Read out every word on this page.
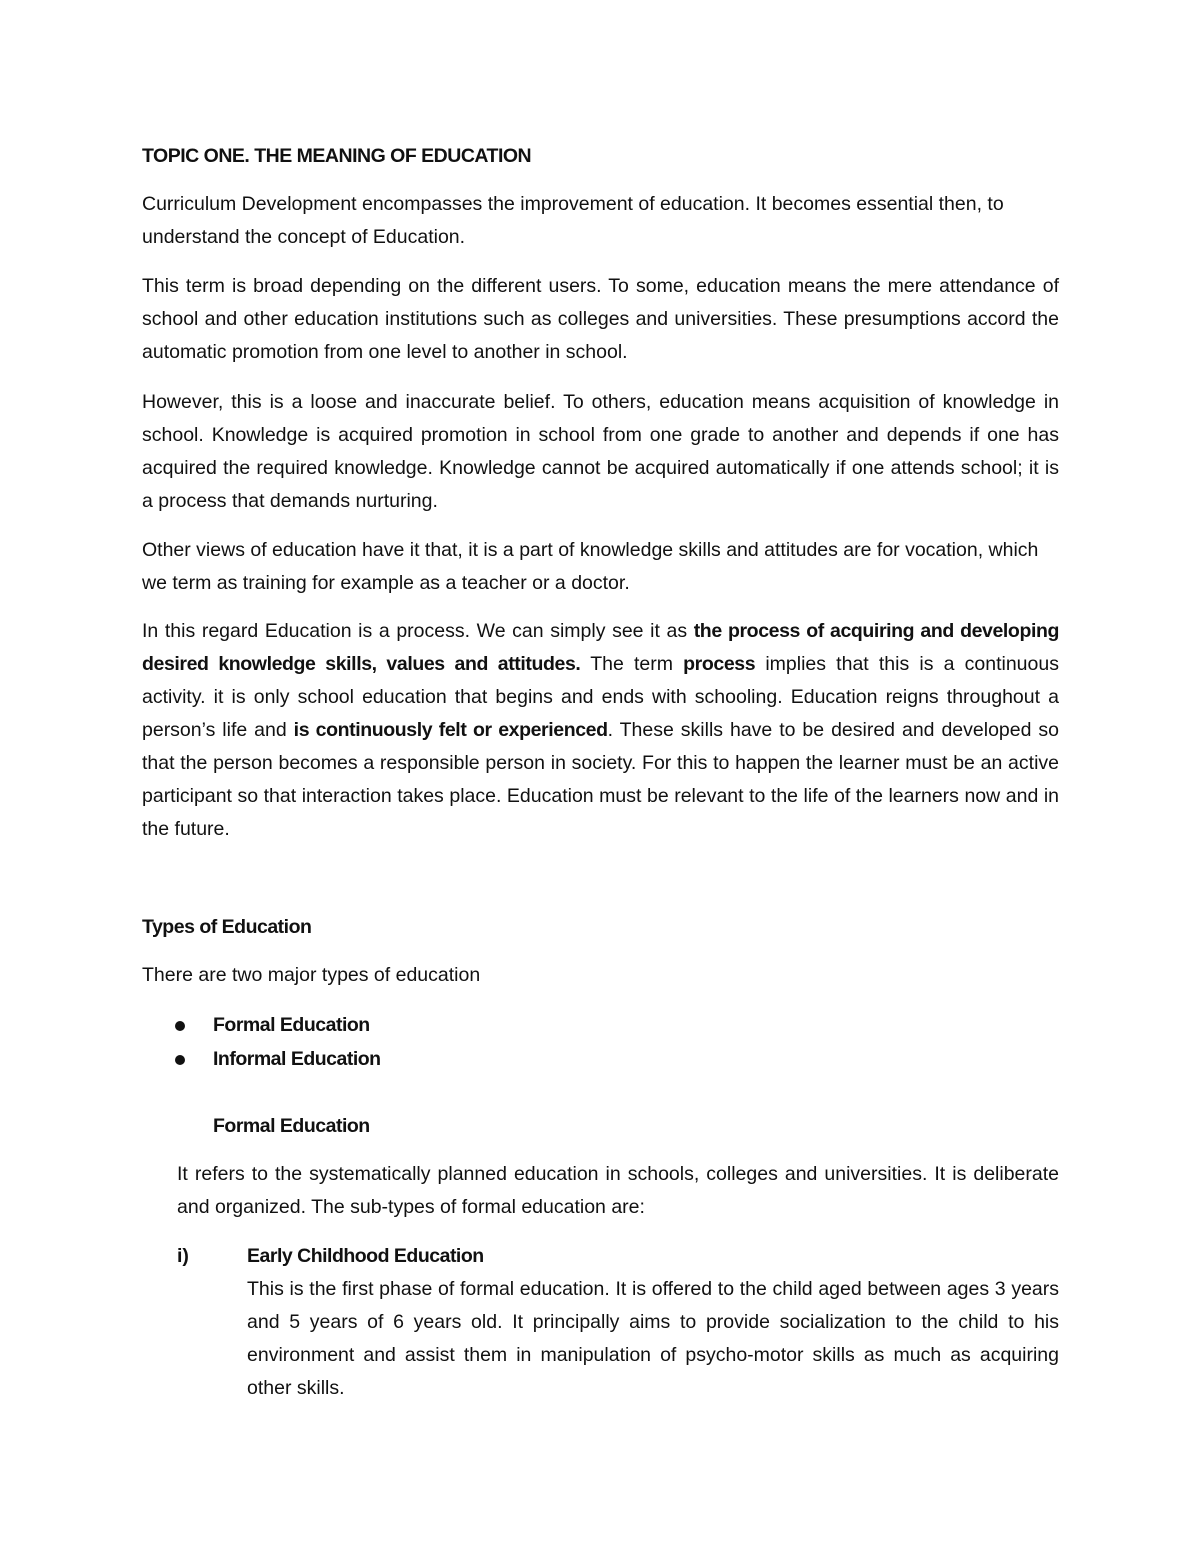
TOPIC ONE. THE MEANING OF EDUCATION

Curriculum Development encompasses the improvement of education. It becomes essential then, to understand the concept of Education.

This term is broad depending on the different users. To some, education means the mere attendance of school and other education institutions such as colleges and universities. These presumptions accord the automatic promotion from one level to another in school.

However, this is a loose and inaccurate belief. To others, education means acquisition of knowledge in school. Knowledge is acquired promotion in school from one grade to another and depends if one has acquired the required knowledge. Knowledge cannot be acquired automatically if one attends school; it is a process that demands nurturing.

Other views of education have it that, it is a part of knowledge skills and attitudes are for vocation, which we term as training for example as a teacher or a doctor.

In this regard Education is a process. We can simply see it as the process of acquiring and developing desired knowledge skills, values and attitudes. The term process implies that this is a continuous activity. it is only school education that begins and ends with schooling. Education reigns throughout a person’s life and is continuously felt or experienced. These skills have to be desired and developed so that the person becomes a responsible person in society. For this to happen the learner must be an active participant so that interaction takes place. Education must be relevant to the life of the learners now and in the future.

Types of Education

There are two major types of education

Formal Education
Informal Education
Formal Education

It refers to the systematically planned education in schools, colleges and universities. It is deliberate and organized. The sub-types of formal education are:

i)	Early Childhood Education

This is the first phase of formal education. It is offered to the child aged between ages 3 years and 5 years of 6 years old. It principally aims to provide socialization to the child to his environment and assist them in manipulation of psycho-motor skills as much as acquiring other skills.
